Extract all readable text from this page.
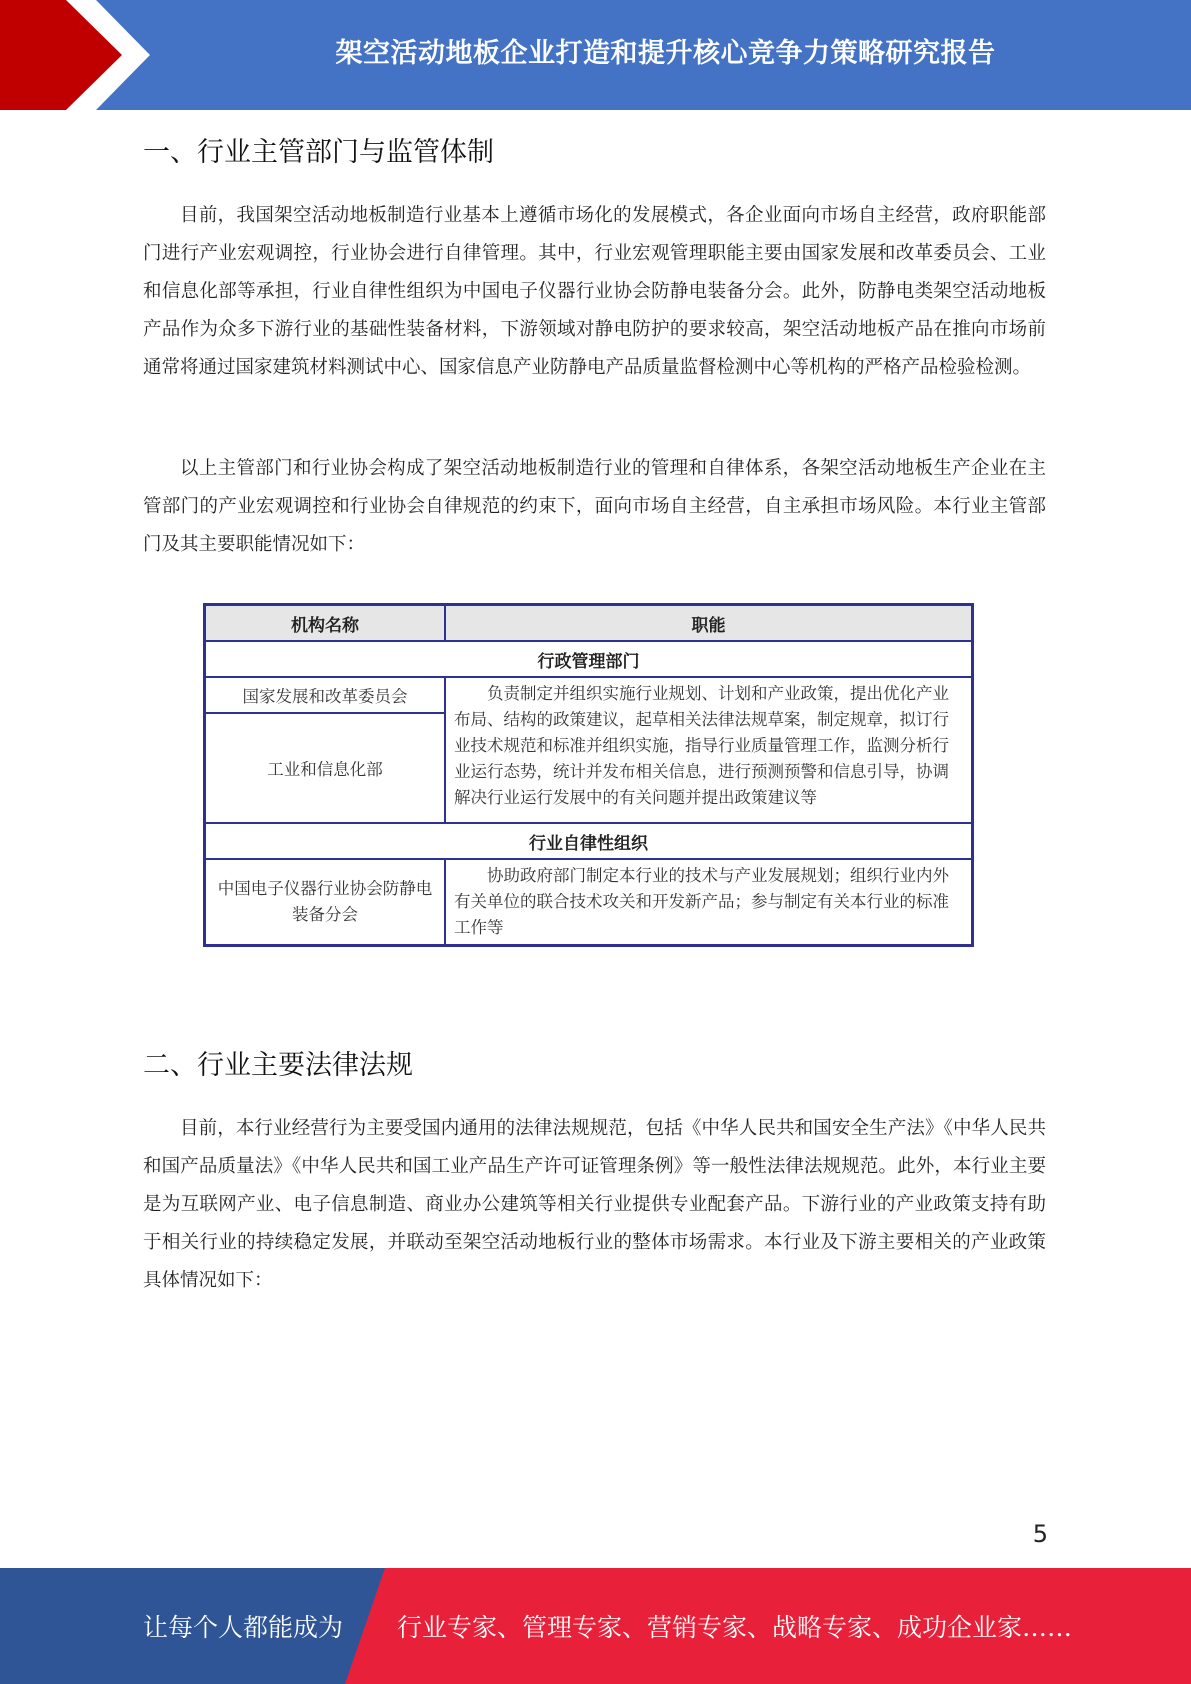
架空活动地板企业打造和提升核心竞争力策略研究报告
一、行业主管部门与监管体制

目前，我国架空活动地板制造行业基本上遵循市场化的发展模式，各企业面向市场自主经营，政府职能部门进行产业宏观调控，行业协会进行自律管理。其中，行业宏观管理职能主要由国家发展和改革委员会、工业和信息化部等承担，行业自律性组织为中国电子仪器行业协会防静电装备分会。此外，防静电类架空活动地板产品作为众多下游行业的基础性装备材料，下游领域对静电防护的要求较高，架空活动地板产品在推向市场前通常将通过国家建筑材料测试中心、国家信息产业防静电产品质量监督检测中心等机构的严格产品检验检测。

以上主管部门和行业协会构成了架空活动地板制造行业的管理和自律体系，各架空活动地板生产企业在主管部门的产业宏观调控和行业协会自律规范的约束下，面向市场自主经营，自主承担市场风险。本行业主管部门及其主要职能情况如下：

机构名称	职能
行政管理部门	
国家发展和改革委员会	负责制定并组织实施行业规划、计划和产业政策，提出优化产业布局、结构的政策建议，起草相关法律法规草案，制定规章，拟订行业技术规范和标准并组织实施，指导行业质量管理工作，监测分析行业运行态势，统计并发布相关信息，进行预测预警和信息引导，协调解决行业运行发展中的有关问题并提出政策建议等
工业和信息化部	
行业自律性组织	
中国电子仪器行业协会防静电装备分会	协助政府部门制定本行业的技术与产业发展规划；组织行业内外有关单位的联合技术攻关和开发新产品；参与制定有关本行业的标准工作等
二、行业主要法律法规

目前，本行业经营行为主要受国内通用的法律法规规范，包括《中华人民共和国安全生产法》《中华人民共和国产品质量法》《中华人民共和国工业产品生产许可证管理条例》等一般性法律法规规范。此外，本行业主要是为互联网产业、电子信息制造、商业办公建筑等相关行业提供专业配套产品。下游行业的产业政策支持有助于相关行业的持续稳定发展，并联动至架空活动地板行业的整体市场需求。本行业及下游主要相关的产业政策具体情况如下：

5
让每个人都能成为 行业专家、管理专家、营销专家、战略专家、成功企业家……
